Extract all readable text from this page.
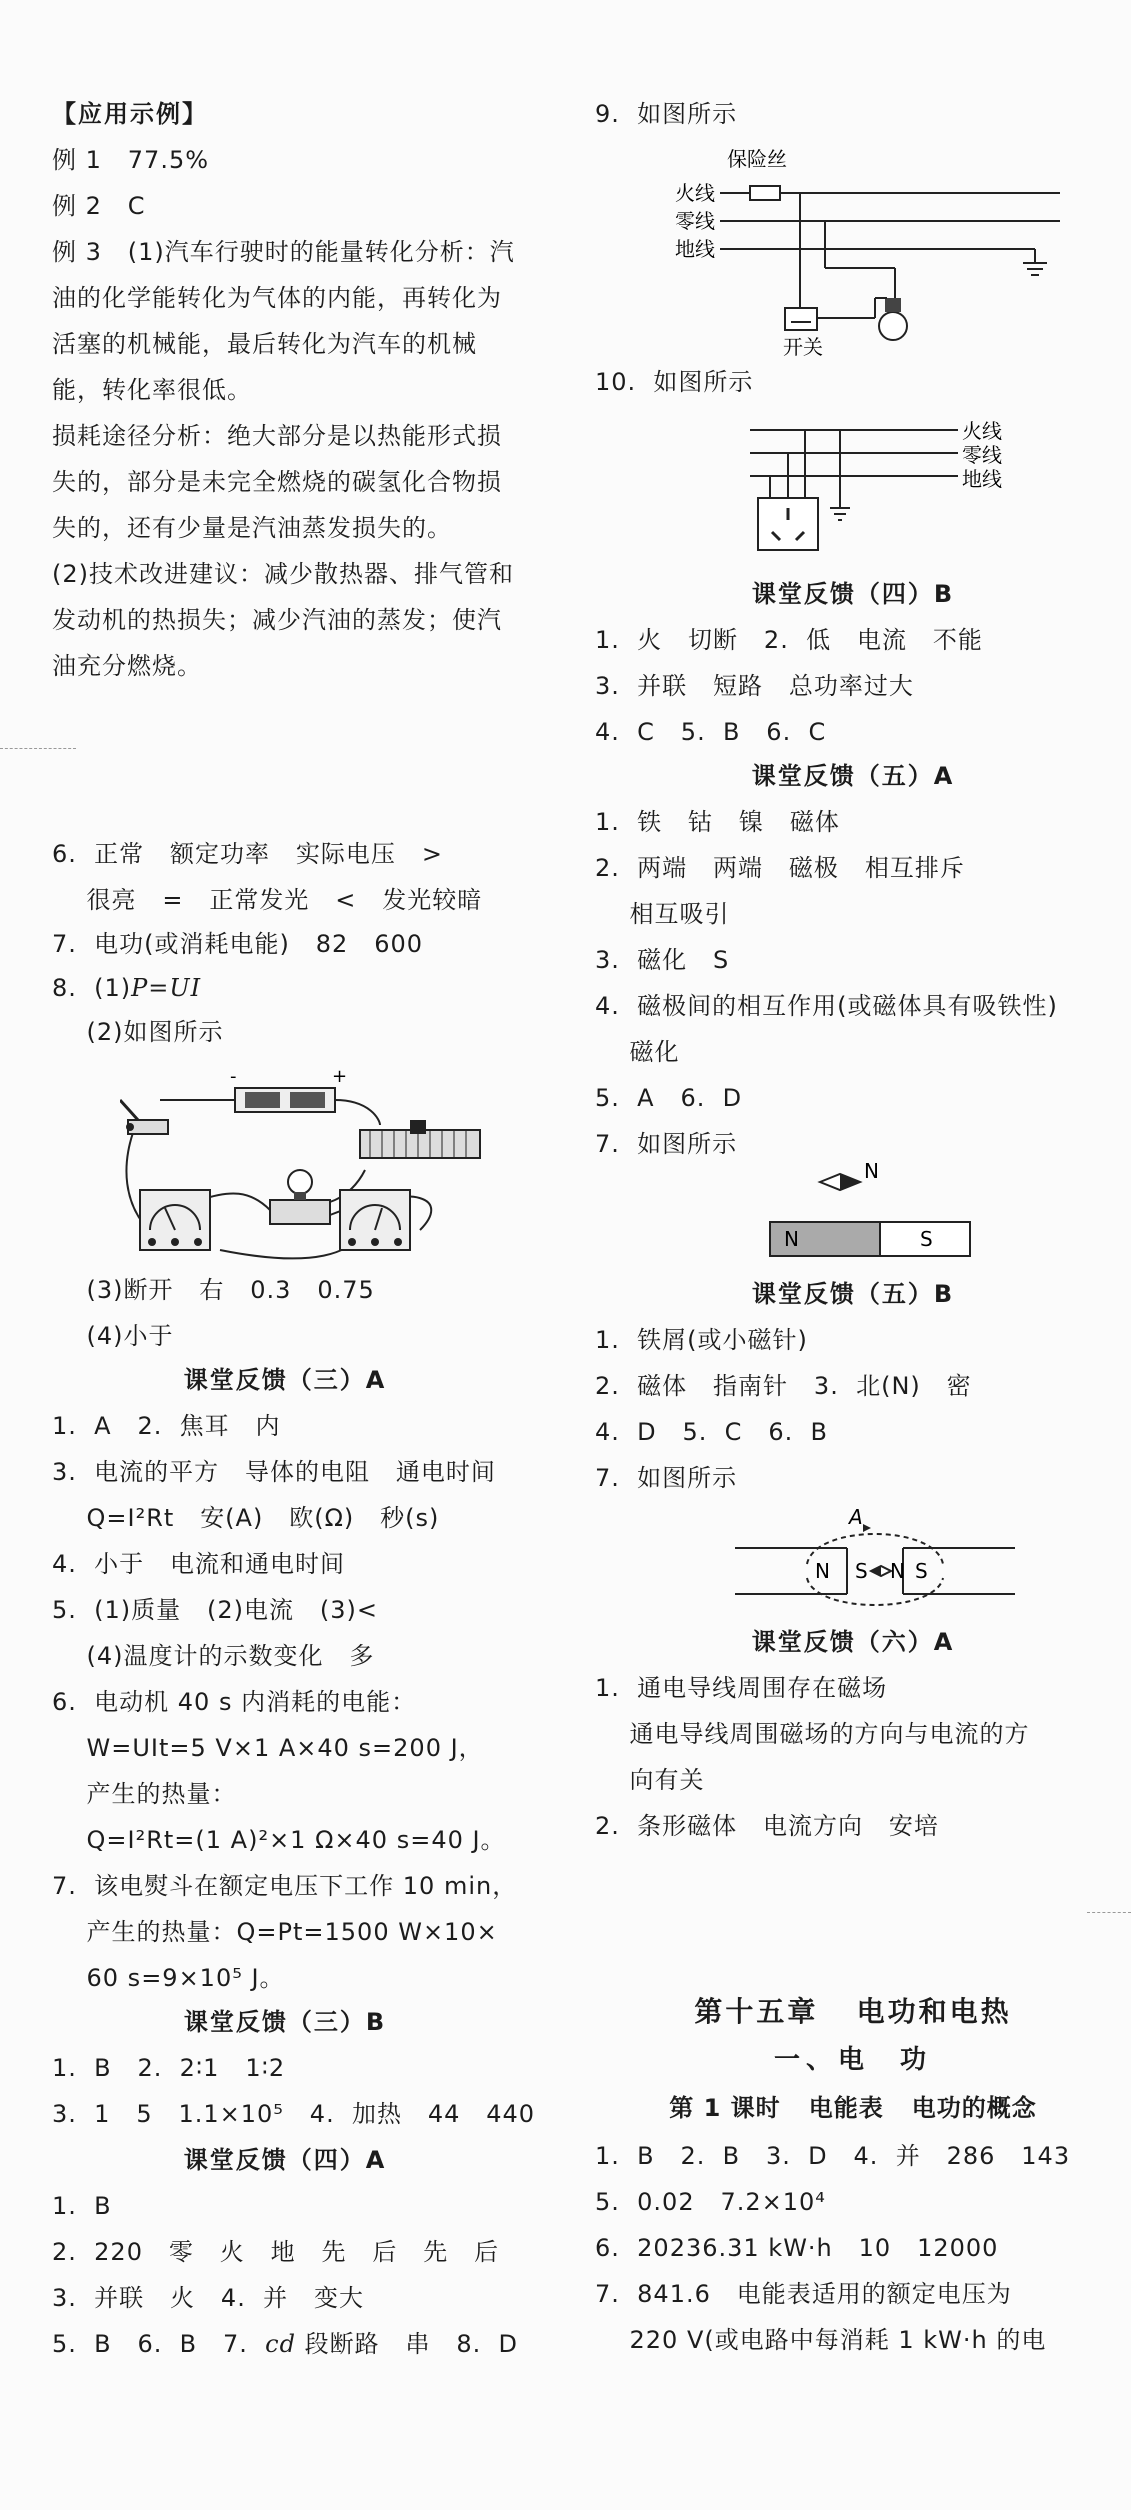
【应用示例】
例 1   77.5%
例 2   C
例 3   (1)汽车行驶时的能量转化分析：汽
油的化学能转化为气体的内能，再转化为
活塞的机械能，最后转化为汽车的机械
能，转化率很低。
损耗途径分析：绝大部分是以热能形式损
失的，部分是未完全燃烧的碳氢化合物损
失的，还有少量是汽油蒸发损失的。
(2)技术改进建议：减少散热器、排气管和
发动机的热损失；减少汽油的蒸发；使汽
油充分燃烧。
6.  正常   额定功率   实际电压   >
很亮   =   正常发光   <   发光较暗
7.  电功(或消耗电能)   82   600
8.  (1)P=UI
(2)如图所示
-	+
(3)断开   右   0.3   0.75
(4)小于
课堂反馈（三）A
1.  A   2.  焦耳   内
3.  电流的平方   导体的电阻   通电时间
Q=I²Rt   安(A)   欧(Ω)   秒(s)
4.  小于   电流和通电时间
5.  (1)质量   (2)电流   (3)<
(4)温度计的示数变化   多
6.  电动机 40 s 内消耗的电能：
W=UIt=5 V×1 A×40 s=200 J，
产生的热量：
Q=I²Rt=(1 A)²×1 Ω×40 s=40 J。
7.  该电熨斗在额定电压下工作 10 min，
产生的热量：Q=Pt=1500 W×10×
60 s=9×10⁵ J。
课堂反馈（三）B
1.  B   2.  2∶1   1∶2
3.  1   5   1.1×10⁵   4.  加热   44   440
课堂反馈（四）A
1.  B
2.  220   零   火   地   先   后   先   后
3.  并联   火   4.  并   变大
5.  B   6.  B   7.  cd 段断路   串   8.  D
9.  如图所示
保险丝
火线
零线
地线
开关
10.  如图所示
火线
零线
地线
课堂反馈（四）B
1.  火   切断   2.  低   电流   不能
3.  并联   短路   总功率过大
4.  C   5.  B   6.  C
课堂反馈（五）A
1.  铁   钴   镍   磁体
2.  两端   两端   磁极   相互排斥
相互吸引
3.  磁化   S
4.  磁极间的相互作用(或磁体具有吸铁性)
磁化
5.  A   6.  D
7.  如图所示
N
N	S
课堂反馈（五）B
1.  铁屑(或小磁针)
2.  磁体   指南针   3.  北(N)   密
4.  D   5.  C   6.  B
7.  如图所示
A
N S N S
课堂反馈（六）A
1.  通电导线周围存在磁场
通电导线周围磁场的方向与电流的方
向有关
2.  条形磁体   电流方向   安培
第十五章   电功和电热
一、电  功
第 1 课时   电能表   电功的概念
1.  B   2.  B   3.  D   4.  并   286   143
5.  0.02   7.2×10⁴
6.  20236.31 kW·h   10   12000
7.  841.6   电能表适用的额定电压为
220 V(或电路中每消耗 1 kW·h 的电
